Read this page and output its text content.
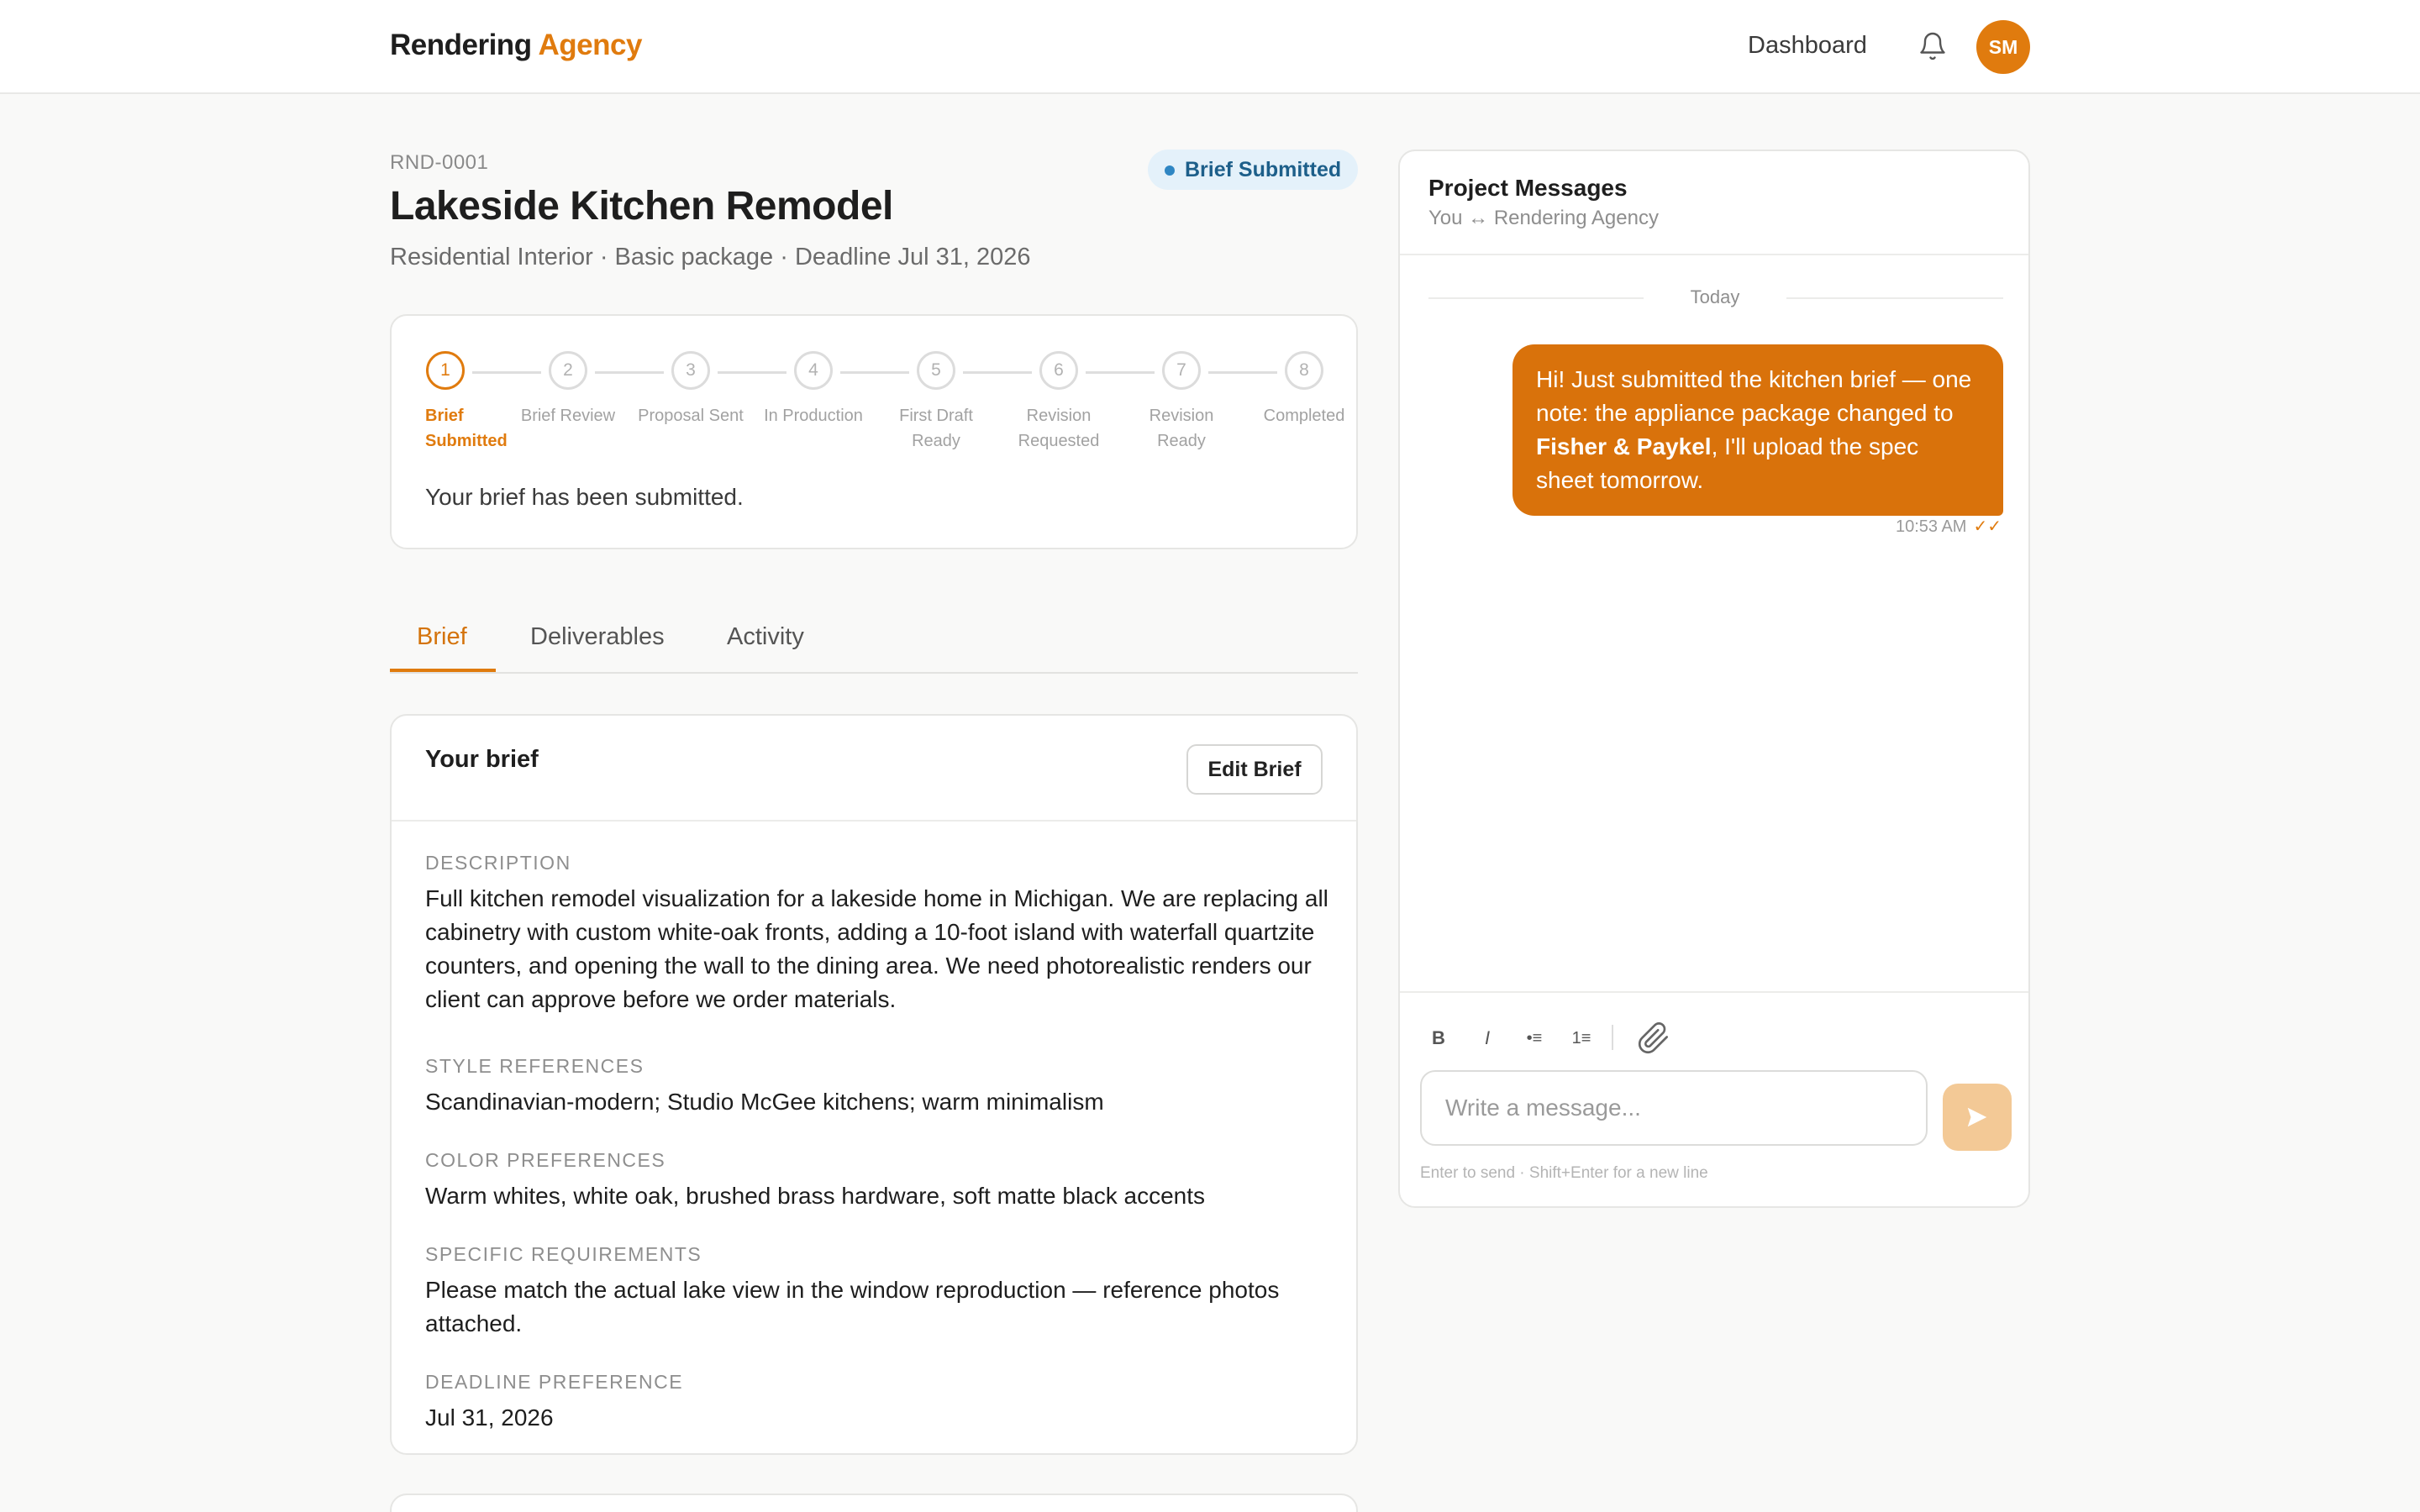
Rendering Agency	Dashboard	SM
RND-0001
Lakeside Kitchen Remodel
Residential Interior · Basic package · Deadline Jul 31, 2026
Brief Submitted
1
Brief Submitted
2
Brief Review
3
Proposal Sent
4
In Production
5
First Draft Ready
6
Revision Requested
7
Revision Ready
8
Completed
Your brief has been submitted.
Brief	Deliverables	Activity
Your brief	Edit Brief
DESCRIPTION
Full kitchen remodel visualization for a lakeside home in Michigan. We are replacing all cabinetry with custom white-oak fronts, adding a 10-foot island with waterfall quartzite counters, and opening the wall to the dining area. We need photorealistic renders our client can approve before we order materials.
STYLE REFERENCES
Scandinavian-modern; Studio McGee kitchens; warm minimalism
COLOR PREFERENCES
Warm whites, white oak, brushed brass hardware, soft matte black accents
SPECIFIC REQUIREMENTS
Please match the actual lake view in the window reproduction — reference photos attached.
DEADLINE PREFERENCE
Jul 31, 2026
Project Messages
You ↔ Rendering Agency
Today
Hi! Just submitted the kitchen brief — one note: the appliance package changed to Fisher & Paykel, I'll upload the spec sheet tomorrow.
10:53 AM ✓✓
B	I	•≡	1≡
Write a message...
Enter to send · Shift+Enter for a new line
